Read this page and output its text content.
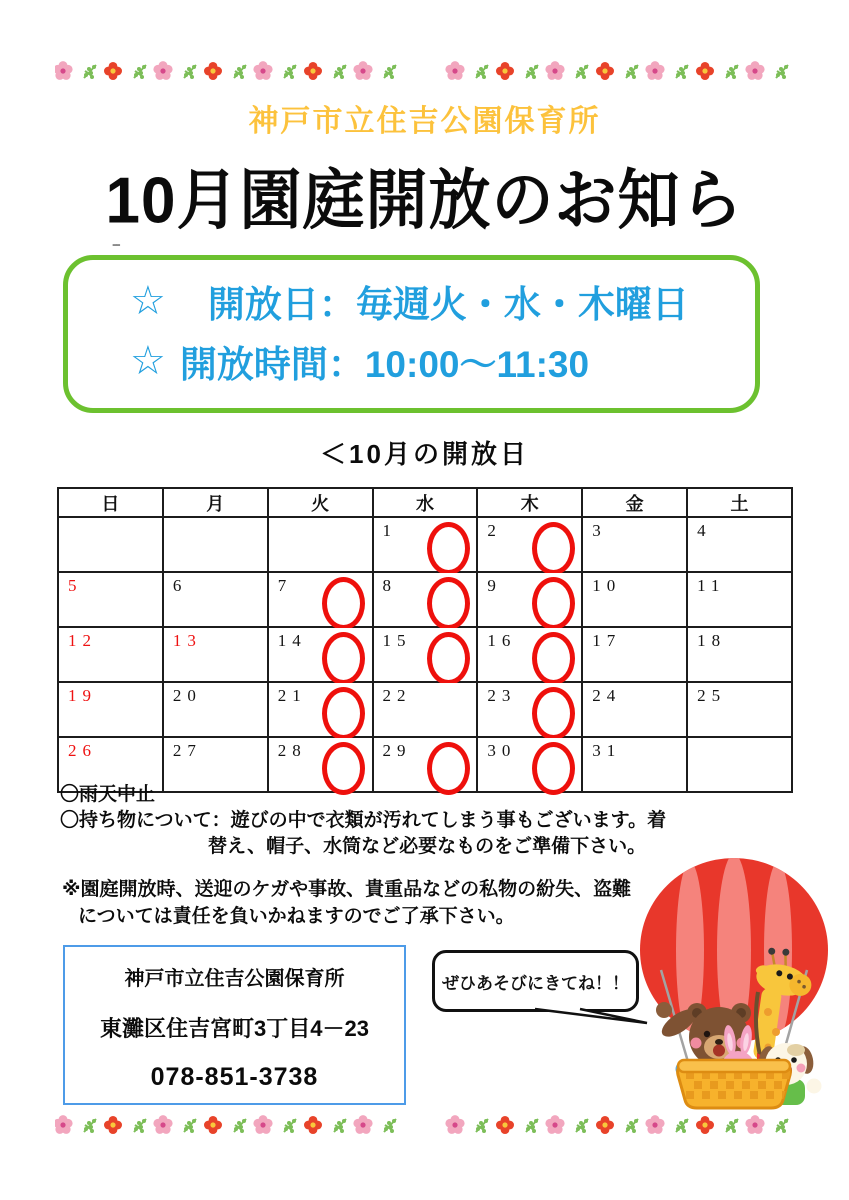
神戸市立住吉公園保育所
10月園庭開放のお知ら
--
☆ 開放日：毎週火・水・木曜日
☆ 開放時間：10:00～11:30
＜10月の開放日
日	月	火	水	木	金	土
			1	2	3	4
5	6	7	8	9	10	11
12	13	14	15	16	17	18
19	20	21	22	23	24	25
26	27	28	29	30	31	
〇雨天中止
〇持ち物について：遊びの中で衣類が汚れてしまう事もございます。着
替え、帽子、水筒など必要なものをご準備下さい。
※園庭開放時、送迎のケガや事故、貴重品などの私物の紛失、盗難
については責任を負いかねますのでご了承下さい。
神戸市立住吉公園保育所
東灘区住吉宮町3丁目4－23
078-851-3738
ぜひあそびにきてね！！
